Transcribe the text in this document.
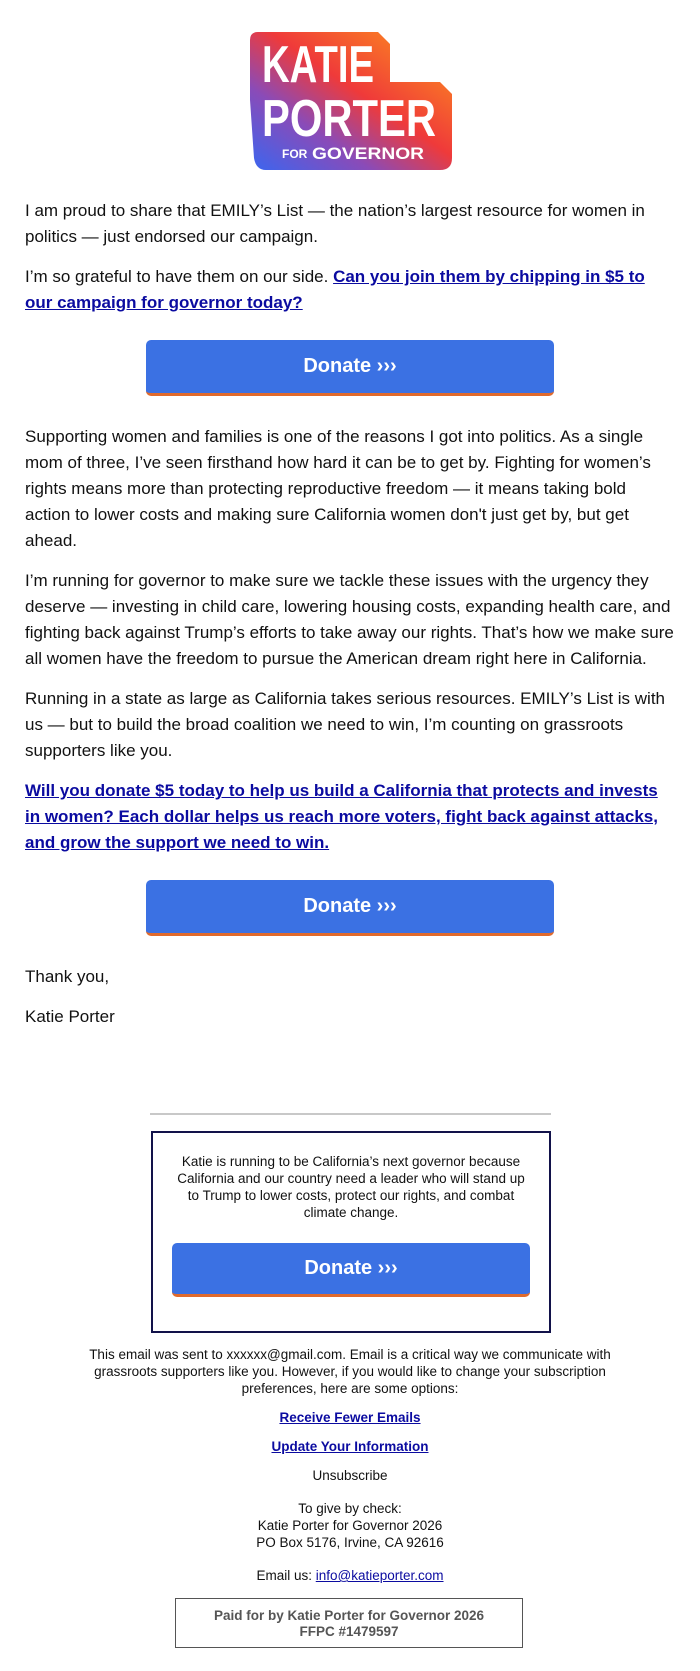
KATIE
PORTER
FOR GOVERNOR

I am proud to share that EMILY’s List — the nation’s largest resource for women in politics — just endorsed our campaign.

I’m so grateful to have them on our side. Can you join them by chipping in $5 to our campaign for governor today?

Donate ›››

Supporting women and families is one of the reasons I got into politics. As a single mom of three, I’ve seen firsthand how hard it can be to get by. Fighting for women’s rights means more than protecting reproductive freedom — it means taking bold action to lower costs and making sure California women don't just get by, but get ahead.

I’m running for governor to make sure we tackle these issues with the urgency they deserve — investing in child care, lowering housing costs, expanding health care, and fighting back against Trump’s efforts to take away our rights. That’s how we make sure all women have the freedom to pursue the American dream right here in California.

Running in a state as large as California takes serious resources. EMILY’s List is with us — but to build the broad coalition we need to win, I’m counting on grassroots supporters like you.

Will you donate $5 today to help us build a California that protects and invests in women? Each dollar helps us reach more voters, fight back against attacks, and grow the support we need to win.

Donate ›››

Thank you,

Katie Porter

Katie is running to be California’s next governor because California and our country need a leader who will stand up to Trump to lower costs, protect our rights, and combat climate change.
Donate ›››

This email was sent to xxxxxx@gmail.com. Email is a critical way we communicate with grassroots supporters like you. However, if you would like to change your subscription preferences, here are some options:

Receive Fewer Emails

Update Your Information

Unsubscribe

To give by check:
Katie Porter for Governor 2026
PO Box 5176, Irvine, CA 92616

Email us: info@katieporter.com

Paid for by Katie Porter for Governor 2026
FFPC #1479597
